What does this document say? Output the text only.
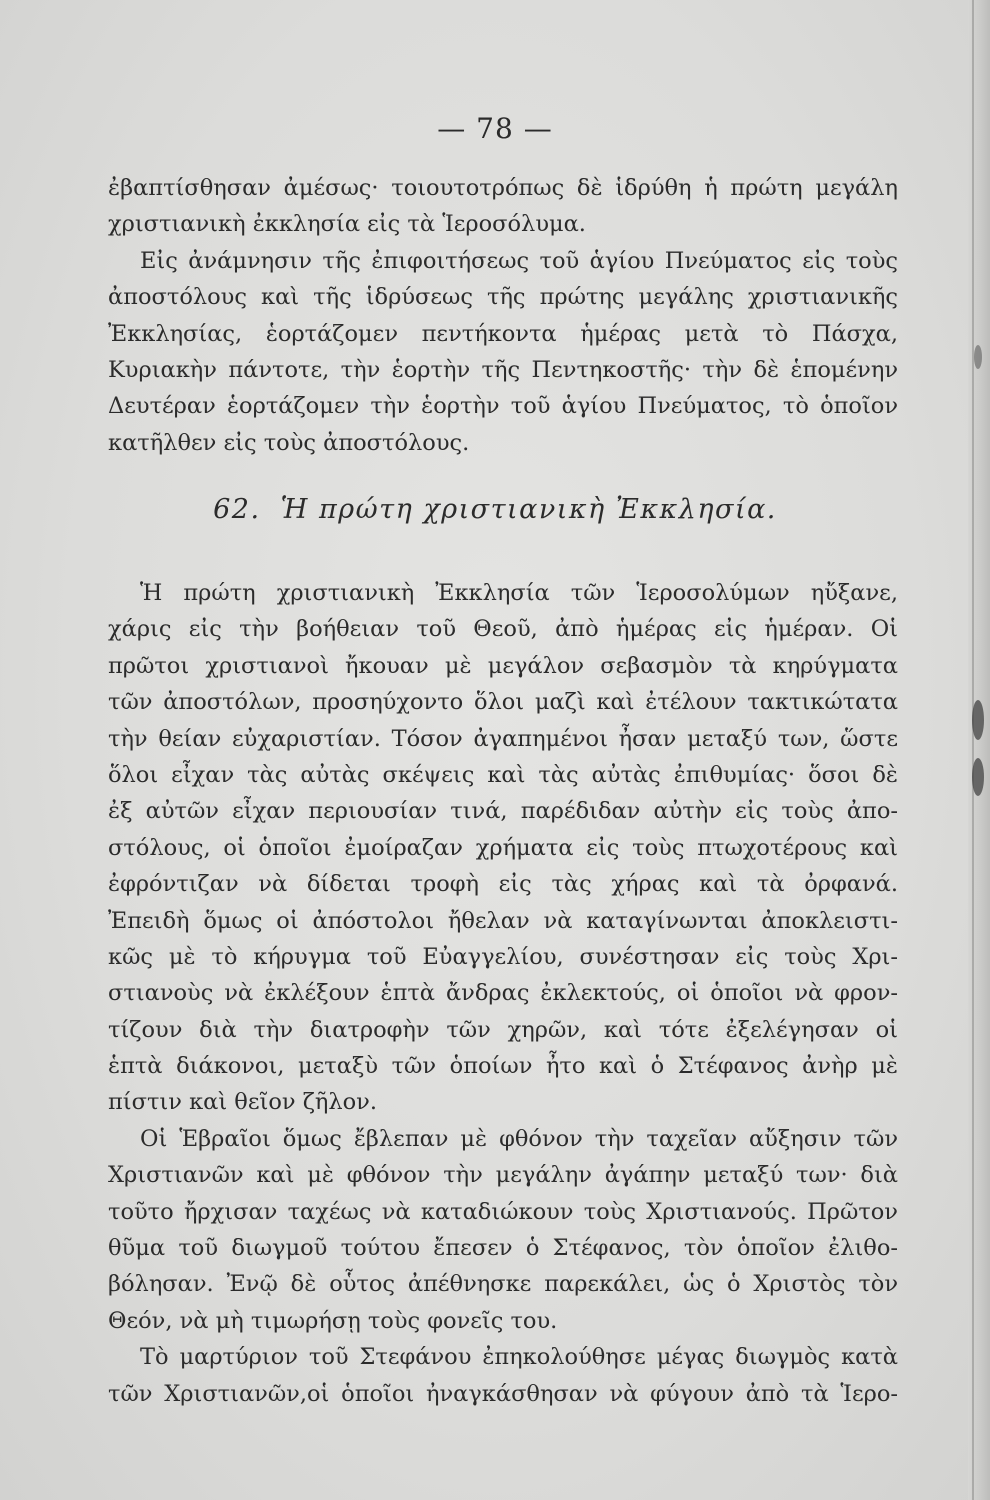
— 78 —
ἐβαπτίσθησαν ἀμέσως· τοιουτοτρόπως δὲ ἱδρύθη ἡ πρώτη μεγάλη
χριστιανικὴ ἐκκλησία εἰς τὰ Ἱεροσόλυμα.
Εἰς ἀνάμνησιν τῆς ἐπιφοιτήσεως τοῦ ἁγίου Πνεύματος εἰς τοὺς
ἀποστόλους καὶ τῆς ἱδρύσεως τῆς πρώτης μεγάλης χριστιανικῆς
Ἐκκλησίας, ἑορτάζομεν πεντήκοντα ἡμέρας μετὰ τὸ Πάσχα,
Κυριακὴν πάντοτε, τὴν ἑορτὴν τῆς Πεντηκοστῆς· τὴν δὲ ἑπομένην
Δευτέραν ἑορτάζομεν τὴν ἑορτὴν τοῦ ἁγίου Πνεύματος, τὸ ὁποῖον
κατῆλθεν εἰς τοὺς ἀποστόλους.
62. Ἡ πρώτη χριστιανικὴ Ἐκκλησία.
Ἡ πρώτη χριστιανικὴ Ἐκκλησία τῶν Ἱεροσολύμων ηὔξανε,
χάρις εἰς τὴν βοήθειαν τοῦ Θεοῦ, ἀπὸ ἡμέρας εἰς ἡμέραν. Οἱ
πρῶτοι χριστιανοὶ ἤκουαν μὲ μεγάλον σεβασμὸν τὰ κηρύγματα
τῶν ἀποστόλων, προσηύχοντο ὅλοι μαζὶ καὶ ἐτέλουν τακτικώτατα
τὴν θείαν εὐχαριστίαν. Τόσον ἀγαπημένοι ἦσαν μεταξύ των, ὥστε
ὅλοι εἶχαν τὰς αὐτὰς σκέψεις καὶ τὰς αὐτὰς ἐπιθυμίας· ὅσοι δὲ
ἐξ αὐτῶν εἶχαν περιουσίαν τινά, παρέδιδαν αὐτὴν εἰς τοὺς ἀπο-
στόλους, οἱ ὁποῖοι ἐμοίραζαν χρήματα εἰς τοὺς πτωχοτέρους καὶ
ἐφρόντιζαν νὰ δίδεται τροφὴ εἰς τὰς χήρας καὶ τὰ ὀρφανά.
Ἐπειδὴ ὅμως οἱ ἀπόστολοι ἤθελαν νὰ καταγίνωνται ἀποκλειστι-
κῶς μὲ τὸ κήρυγμα τοῦ Εὐαγγελίου, συνέστησαν εἰς τοὺς Χρι-
στιανοὺς νὰ ἐκλέξουν ἑπτὰ ἄνδρας ἐκλεκτούς, οἱ ὁποῖοι νὰ φρον-
τίζουν διὰ τὴν διατροφὴν τῶν χηρῶν, καὶ τότε ἐξελέγησαν οἱ
ἑπτὰ διάκονοι, μεταξὺ τῶν ὁποίων ἦτο καὶ ὁ Στέφανος ἀνὴρ μὲ
πίστιν καὶ θεῖον ζῆλον.
Οἱ Ἑβραῖοι ὅμως ἔβλεπαν μὲ φθόνον τὴν ταχεῖαν αὔξησιν τῶν
Χριστιανῶν καὶ μὲ φθόνον τὴν μεγάλην ἀγάπην μεταξύ των· διὰ
τοῦτο ἤρχισαν ταχέως νὰ καταδιώκουν τοὺς Χριστιανούς. Πρῶτον
θῦμα τοῦ διωγμοῦ τούτου ἔπεσεν ὁ Στέφανος, τὸν ὁποῖον ἐλιθο-
βόλησαν. Ἐνῷ δὲ οὗτος ἀπέθνησκε παρεκάλει, ὡς ὁ Χριστὸς τὸν
Θεόν, νὰ μὴ τιμωρήσῃ τοὺς φονεῖς του.
Τὸ μαρτύριον τοῦ Στεφάνου ἐπηκολούθησε μέγας διωγμὸς κατὰ
τῶν Χριστιανῶν,οἱ ὁποῖοι ἠναγκάσθησαν νὰ φύγουν ἀπὸ τὰ Ἱερο-
